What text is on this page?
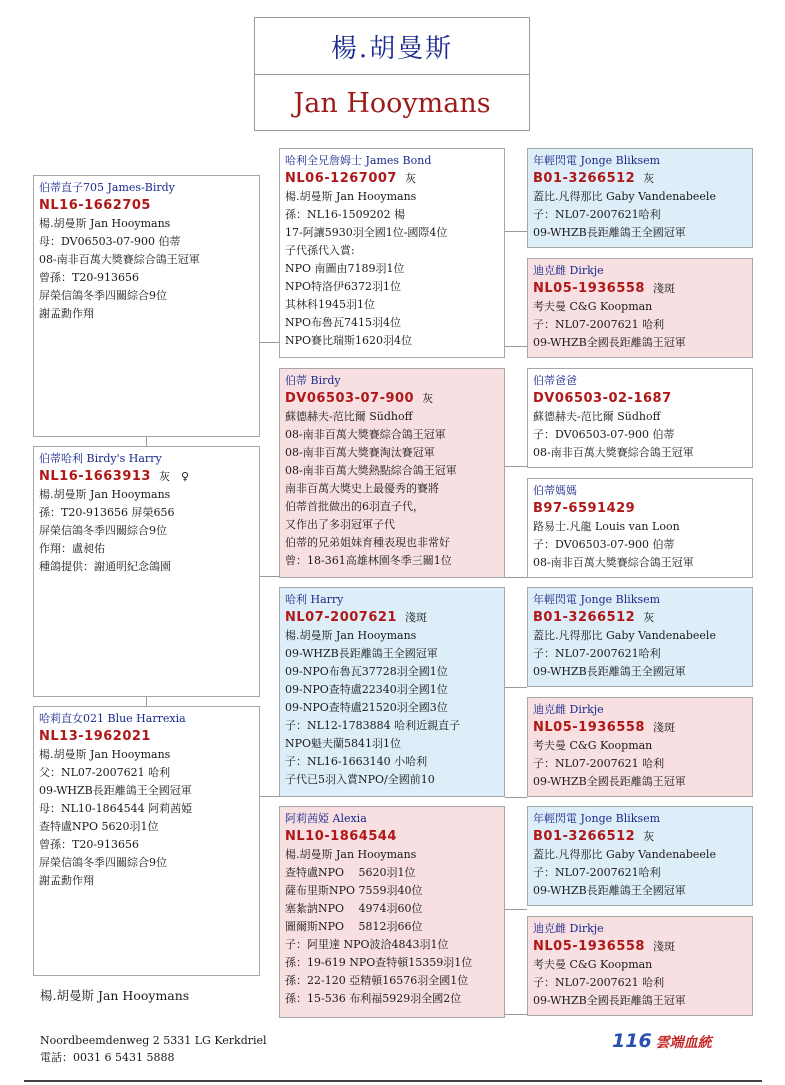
楊.胡曼斯
Jan Hooymans
伯蒂直子705 James-Birdy
NL16-1662705
楊.胡曼斯 Jan Hooymans
母：DV06503-07-900 伯蒂
08-南非百萬大獎賽綜合鴿王冠軍
曾孫：T20-913656
屏榮信鴿冬季四關綜合9位
謝孟勳作翔
伯蒂哈利 Birdy's Harry
NL16-1663913 灰　♀
楊.胡曼斯 Jan Hooymans
孫：T20-913656 屏榮656
屏榮信鴿冬季四關綜合9位
作翔：盧昶佑
種鴿提供：謝通明紀念鴿園
哈莉直女021 Blue Harrexia
NL13-1962021
楊.胡曼斯 Jan Hooymans
父：NL07-2007621 哈利
09-WHZB長距離鴿王全國冠軍
母：NL10-1864544 阿莉茜婭
查特盧NPO 5620羽1位
曾孫：T20-913656
屏榮信鴿冬季四關綜合9位
謝孟勳作翔
哈利全兄詹姆士 James Bond
NL06-1267007 灰
楊.胡曼斯 Jan Hooymans
孫：NL16-1509202 楊
17-阿讓5930羽全國1位-國際4位
子代孫代入賞:
NPO 南圖由7189羽1位
NPO特洛伊6372羽1位
其林科1945羽1位
NPO布魯瓦7415羽4位
NPO賽比瑞斯1620羽4位
伯蒂 Birdy
DV06503-07-900 灰
蘇德赫夫-范比爾 Südhoff
08-南非百萬大獎賽綜合鴿王冠軍
08-南非百萬大獎賽淘汰賽冠軍
08-南非百萬大獎熱點綜合鴿王冠軍
南非百萬大獎史上最優秀的賽將
伯蒂首批做出的6羽直子代，
又作出了多羽冠軍子代
伯蒂的兄弟姐妹育種表現也非常好
曾：18-361高雄林園冬季三關1位
哈利 Harry
NL07-2007621 淺斑
楊.胡曼斯 Jan Hooymans
09-WHZB長距離鴿王全國冠軍
09-NPO布魯瓦37728羽全國1位
09-NPO查特盧22340羽全國1位
09-NPO查特盧21520羽全國3位
子：NL12-1783884 哈利近親直子
NPO魁夫蘭5841羽1位
子：NL16-1663140 小哈利
子代已5羽入賞NPO/全國前10
阿莉茜婭 Alexia
NL10-1864544
楊.胡曼斯 Jan Hooymans
查特盧NPO　 5620羽1位
薩布里斯NPO 7559羽40位
塞紮訥NPO　 4974羽60位
圖爾斯NPO　 5812羽66位
子：阿里達 NPO波洽4843羽1位
孫：19-619 NPO查特頓15359羽1位
孫：22-120 亞精頓16576羽全國1位
孫：15-536 布利福5929羽全國2位
年輕閃電 Jonge Bliksem
B01-3266512 灰
蓋比.凡得那比 Gaby Vandenabeele
子：NL07-2007621哈利
09-WHZB長距離鴿王全國冠軍
迪克雌 Dirkje
NL05-1936558 淺斑
考夫曼 C&G Koopman
子：NL07-2007621 哈利
09-WHZB全國長距離鴿王冠軍
伯蒂爸爸
DV06503-02-1687
蘇德赫夫-范比爾 Südhoff
子：DV06503-07-900 伯蒂
08-南非百萬大獎賽綜合鴿王冠軍
伯蒂媽媽
B97-6591429
路易士.凡龍 Louis van Loon
子：DV06503-07-900 伯蒂
08-南非百萬大獎賽綜合鴿王冠軍
年輕閃電 Jonge Bliksem
B01-3266512 灰
蓋比.凡得那比 Gaby Vandenabeele
子：NL07-2007621哈利
09-WHZB長距離鴿王全國冠軍
迪克雌 Dirkje
NL05-1936558 淺斑
考夫曼 C&G Koopman
子：NL07-2007621 哈利
09-WHZB全國長距離鴿王冠軍
年輕閃電 Jonge Bliksem
B01-3266512 灰
蓋比.凡得那比 Gaby Vandenabeele
子：NL07-2007621哈利
09-WHZB長距離鴿王全國冠軍
迪克雌 Dirkje
NL05-1936558 淺斑
考夫曼 C&G Koopman
子：NL07-2007621 哈利
09-WHZB全國長距離鴿王冠軍
楊.胡曼斯 Jan Hooymans
Noordbeemdenweg 2 5331 LG Kerkdriel
電話：0031 6 5431 5888
116 雲端血統
